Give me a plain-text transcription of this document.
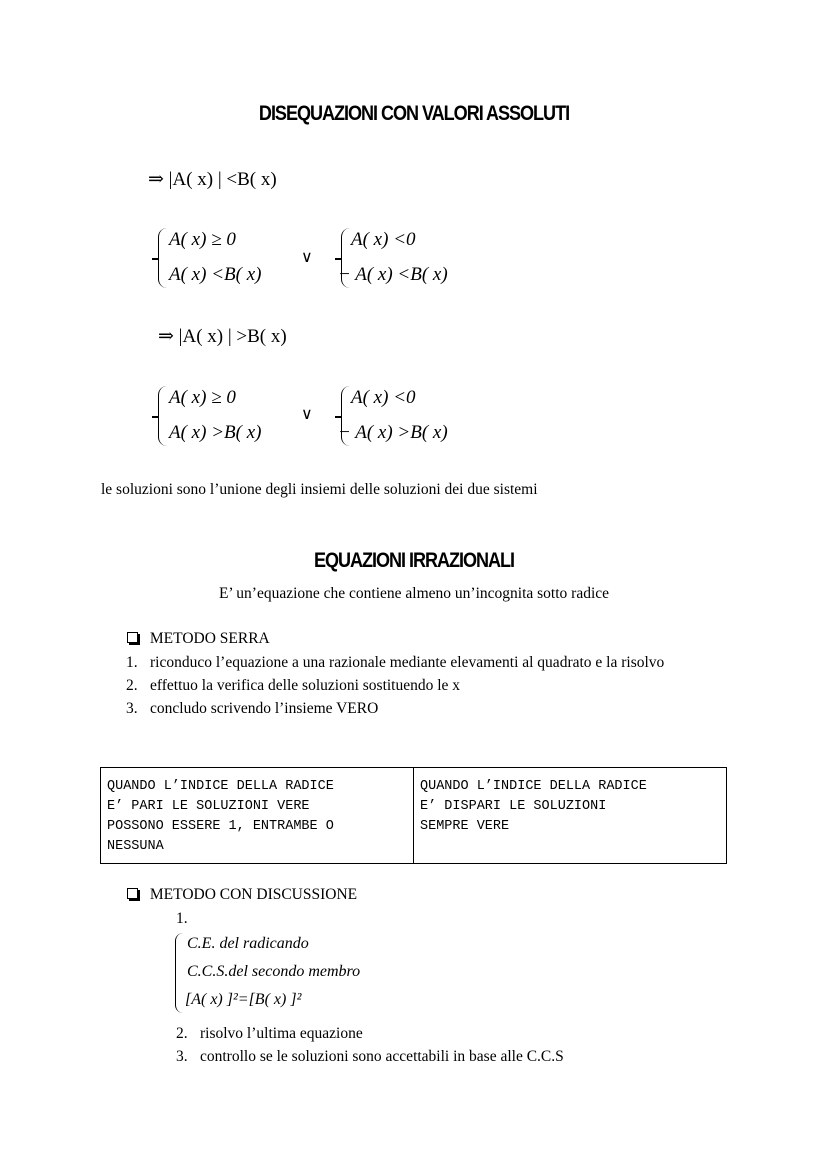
DISEQUAZIONI CON VALORI ASSOLUTI
⇒ |A( x) | <B( x)
A( x) ≥ 0
A( x) <B( x)
∨
A( x) <0
− A( x) <B( x)
⇒ |A( x) | >B( x)
A( x) ≥ 0
A( x) >B( x)
∨
A( x) <0
− A( x) >B( x)
le soluzioni sono l’unione degli insiemi delle soluzioni dei due sistemi
EQUAZIONI IRRAZIONALI
E’ un’equazione che contiene almeno un’incognita sotto radice
METODO SERRA
1. riconduco l’equazione a una razionale mediante elevamenti al quadrato e la risolvo
2. effettuo la verifica delle soluzioni sostituendo le x
3. concludo scrivendo l’insieme VERO
QUANDO L’INDICE DELLA RADICE
E’ PARI LE SOLUZIONI VERE
POSSONO ESSERE 1, ENTRAMBE O
NESSUNA	QUANDO L’INDICE DELLA RADICE
E’ DISPARI LE SOLUZIONI
SEMPRE VERE
METODO CON DISCUSSIONE
1.
C.E. del radicando
C.C.S.del secondo membro
[A( x) ]²=[B( x) ]²
2. risolvo l’ultima equazione
3. controllo se le soluzioni sono accettabili in base alle C.C.S
